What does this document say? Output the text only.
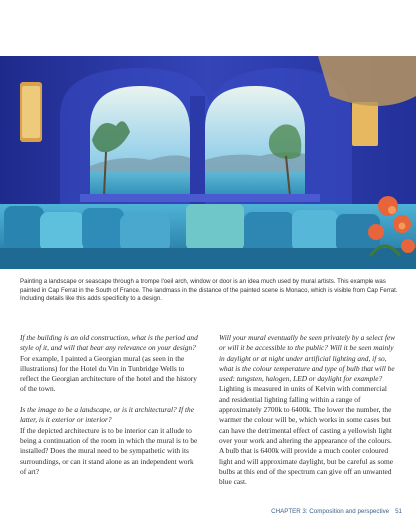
Painting a landscape or seascape through a trompe l'oeil arch, window or door is an idea much used by mural artists. This example was painted in Cap Ferrat in the South of France. The landmass in the distance of the painted scene is Monaco, which is visible from Cap Ferrat. Including details like this adds specificity to a design.

If the building is an old construction, what is the period and style of it, and will that bear any relevance on your design?

For example, I painted a Georgian mural (as seen in the illustrations) for the Hotel du Vin in Tunbridge Wells to reflect the Georgian architecture of the hotel and the history of the town.

Is the image to be a landscape, or is it architectural? If the latter, is it exterior or interior?

If the depicted architecture is to be interior can it allude to being a continuation of the room in which the mural is to be installed? Does the mural need to be sympathetic with its surroundings, or can it stand alone as an independent work of art?

Will your mural eventually be seen privately by a select few or will it be accessible to the public? Will it be seen mainly in daylight or at night under artificial lighting and, if so, what is the colour temperature and type of bulb that will be used: tungsten, halogen, LED or daylight for example?

Lighting is measured in units of Kelvin with commercial and residential lighting falling within a range of approximately 2700k to 6400k. The lower the number, the warmer the colour will be, which works in some cases but can have the detrimental effect of casting a yellowish light over your work and altering the appearance of the colours. A bulb that is 6400k will provide a much cooler coloured light and will approximate daylight, but be careful as some bulbs at this end of the spectrum can give off an unwanted blue cast.

CHAPTER 3: Composition and perspective 51
